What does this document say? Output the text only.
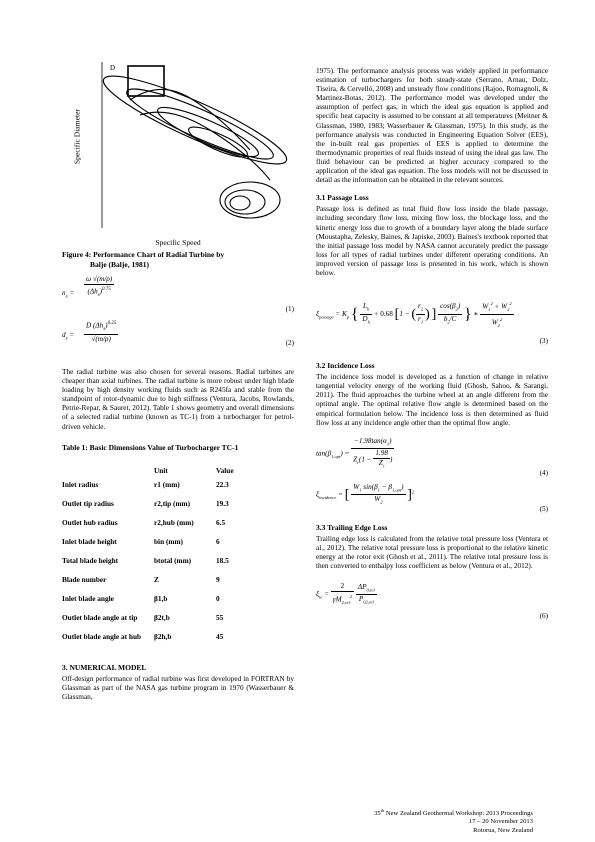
Specific Diameter
D
Specific Speed
Figure 4: Performance Chart of Radial Turbine by
Balje (Balje, 1981)
$n_s$ =
ω √(m/ρ)
$(\Delta h_s)^{0.75}$
(1)
$d_s$ =
D $(\Delta h_s)^{0.25}$
√(m/ρ)
(2)

The radial turbine was also chosen for several reasons. Radial turbines are cheaper than axial turbines. The radial turbine is more robust under high blade loading by high density working fluids such as R245fa and stable from the standpoint of rotor-dynamic due to high stiffness (Ventura, Jacobs, Rowlands, Petrie-Repar, & Sauret, 2012). Table 1 shows geometry and overall dimensions of a selected radial turbine (known as TC-1) from a turbocharger for petrol-driven vehicle.

Table 1: Basic Dimensions Value of Turbocharger TC-1
	Unit	Value
Inlet radius	r1 (mm)	22.3
Outlet tip radius	r2,tip (mm)	19.3
Outlet hub radius	r2,hub (mm)	6.5
Inlet blade height	bin (mm)	6
Total blade height	btotal (mm)	18.5
Blade number	Z	9
Inlet blade angle	β1,b	0
Outlet blade angle at tip	β2t,b	55
Outlet blade angle at hub	β2h,b	45
3. NUMERICAL MODEL

Off-design performance of radial turbine was first developed in FORTRAN by Glassman as part of the NASA gas turbine program in 1970 (Wasserbauer & Glassman,

1975). The performance analysis process was widely applied in performance estimation of turbochargers for both steady-state (Serrano, Arnau, Dolz, Tiseira, & Cervelló, 2008) and unsteady flow conditions (Rajoo, Romagnoli, & Martinez-Botas, 2012). The performance model was developed under the assumption of perfect gas, in which the ideal gas equation is applied and specific heat capacity is assumed to be constant at all temperatures (Meitner & Glassman, 1980, 1983; Wasserbauer & Glassman, 1975). In this study, as the performance analysis was conducted in Engineering Equation Solver (EES), the in-built real gas properties of EES is applied to determine the thermodynamic properties of real fluids instead of using the ideal gas law. The fluid behaviour can be predicted at higher accuracy compared to the application of the ideal gas equation. The loss models will not be discussed in detail as the information can be obtained in the relevant sources.

3.1 Passage Loss

Passage loss is defined as total fluid flow loss inside the blade passage, including secondary flow loss, mixing flow loss, the blockage loss, and the kinetic energy loss due to growth of a boundary layer along the blade surface (Moustapha, Zelesky, Baines, & Japiske, 2003). Baines's textbook reported that the initial passage loss model by NASA cannot accurately predict the passage loss for all types of radial turbines under different operating conditions. An improved version of passage loss is presented in his work, which is shown below.

$\xi_{passage} = K_p$ { $\frac{L_h}{D_h} + 0.68$ [1 − ( $\frac{r_2}{r_1}$ ) ] $\frac{\cos(\beta_2)}{b_2/C}$ } ∗ $\frac{W_1^2 + W_2^2}{W_2^2}$
(3)
3.2 Incidence Loss

The incidence loss model is developed as a function of change in relative tangential velocity energy of the working fluid (Ghosh, Sahoo, & Sarangi, 2011). The fluid approaches the turbine wheel at an angle different from the optimal angle. The optimal relative flow angle is determined based on the empirical formulation below. The incidence loss is then determined as fluid flow loss at any incidence angle other than the optimal flow angle.

$\tan(\beta_{1,opt}) = \frac{-1.98\tan(\alpha_1)}{Z_r(1 - \frac{1.98}{Z_r} )}$
(4)
$\xi_{incidence}$ = [ $\frac{W_1 \sin(\beta_1 - \beta_{1,opt})}{W_2} ]^2$
(5)
3.3 Trailing Edge Loss

Trailing edge loss is calculated from the relative total pressure loss (Ventura et al., 2012). The relative total pressure loss is proportional to the relative kinetic energy at the rotor exit (Ghosh et al., 2011). The relative total pressure loss is then converted to enthalpy loss coefficient as below (Ventura et al., 2012).

$\xi_{te} = \frac{2}{\gamma M_{2,rel}^2}$
$\frac{\Delta P_{0,rel}}{P_{02,rel}}$
(6)
35th New Zealand Geothermal Workshop: 2013 Proceedings
17 – 20 November 2013
Rotorua, New Zealand
